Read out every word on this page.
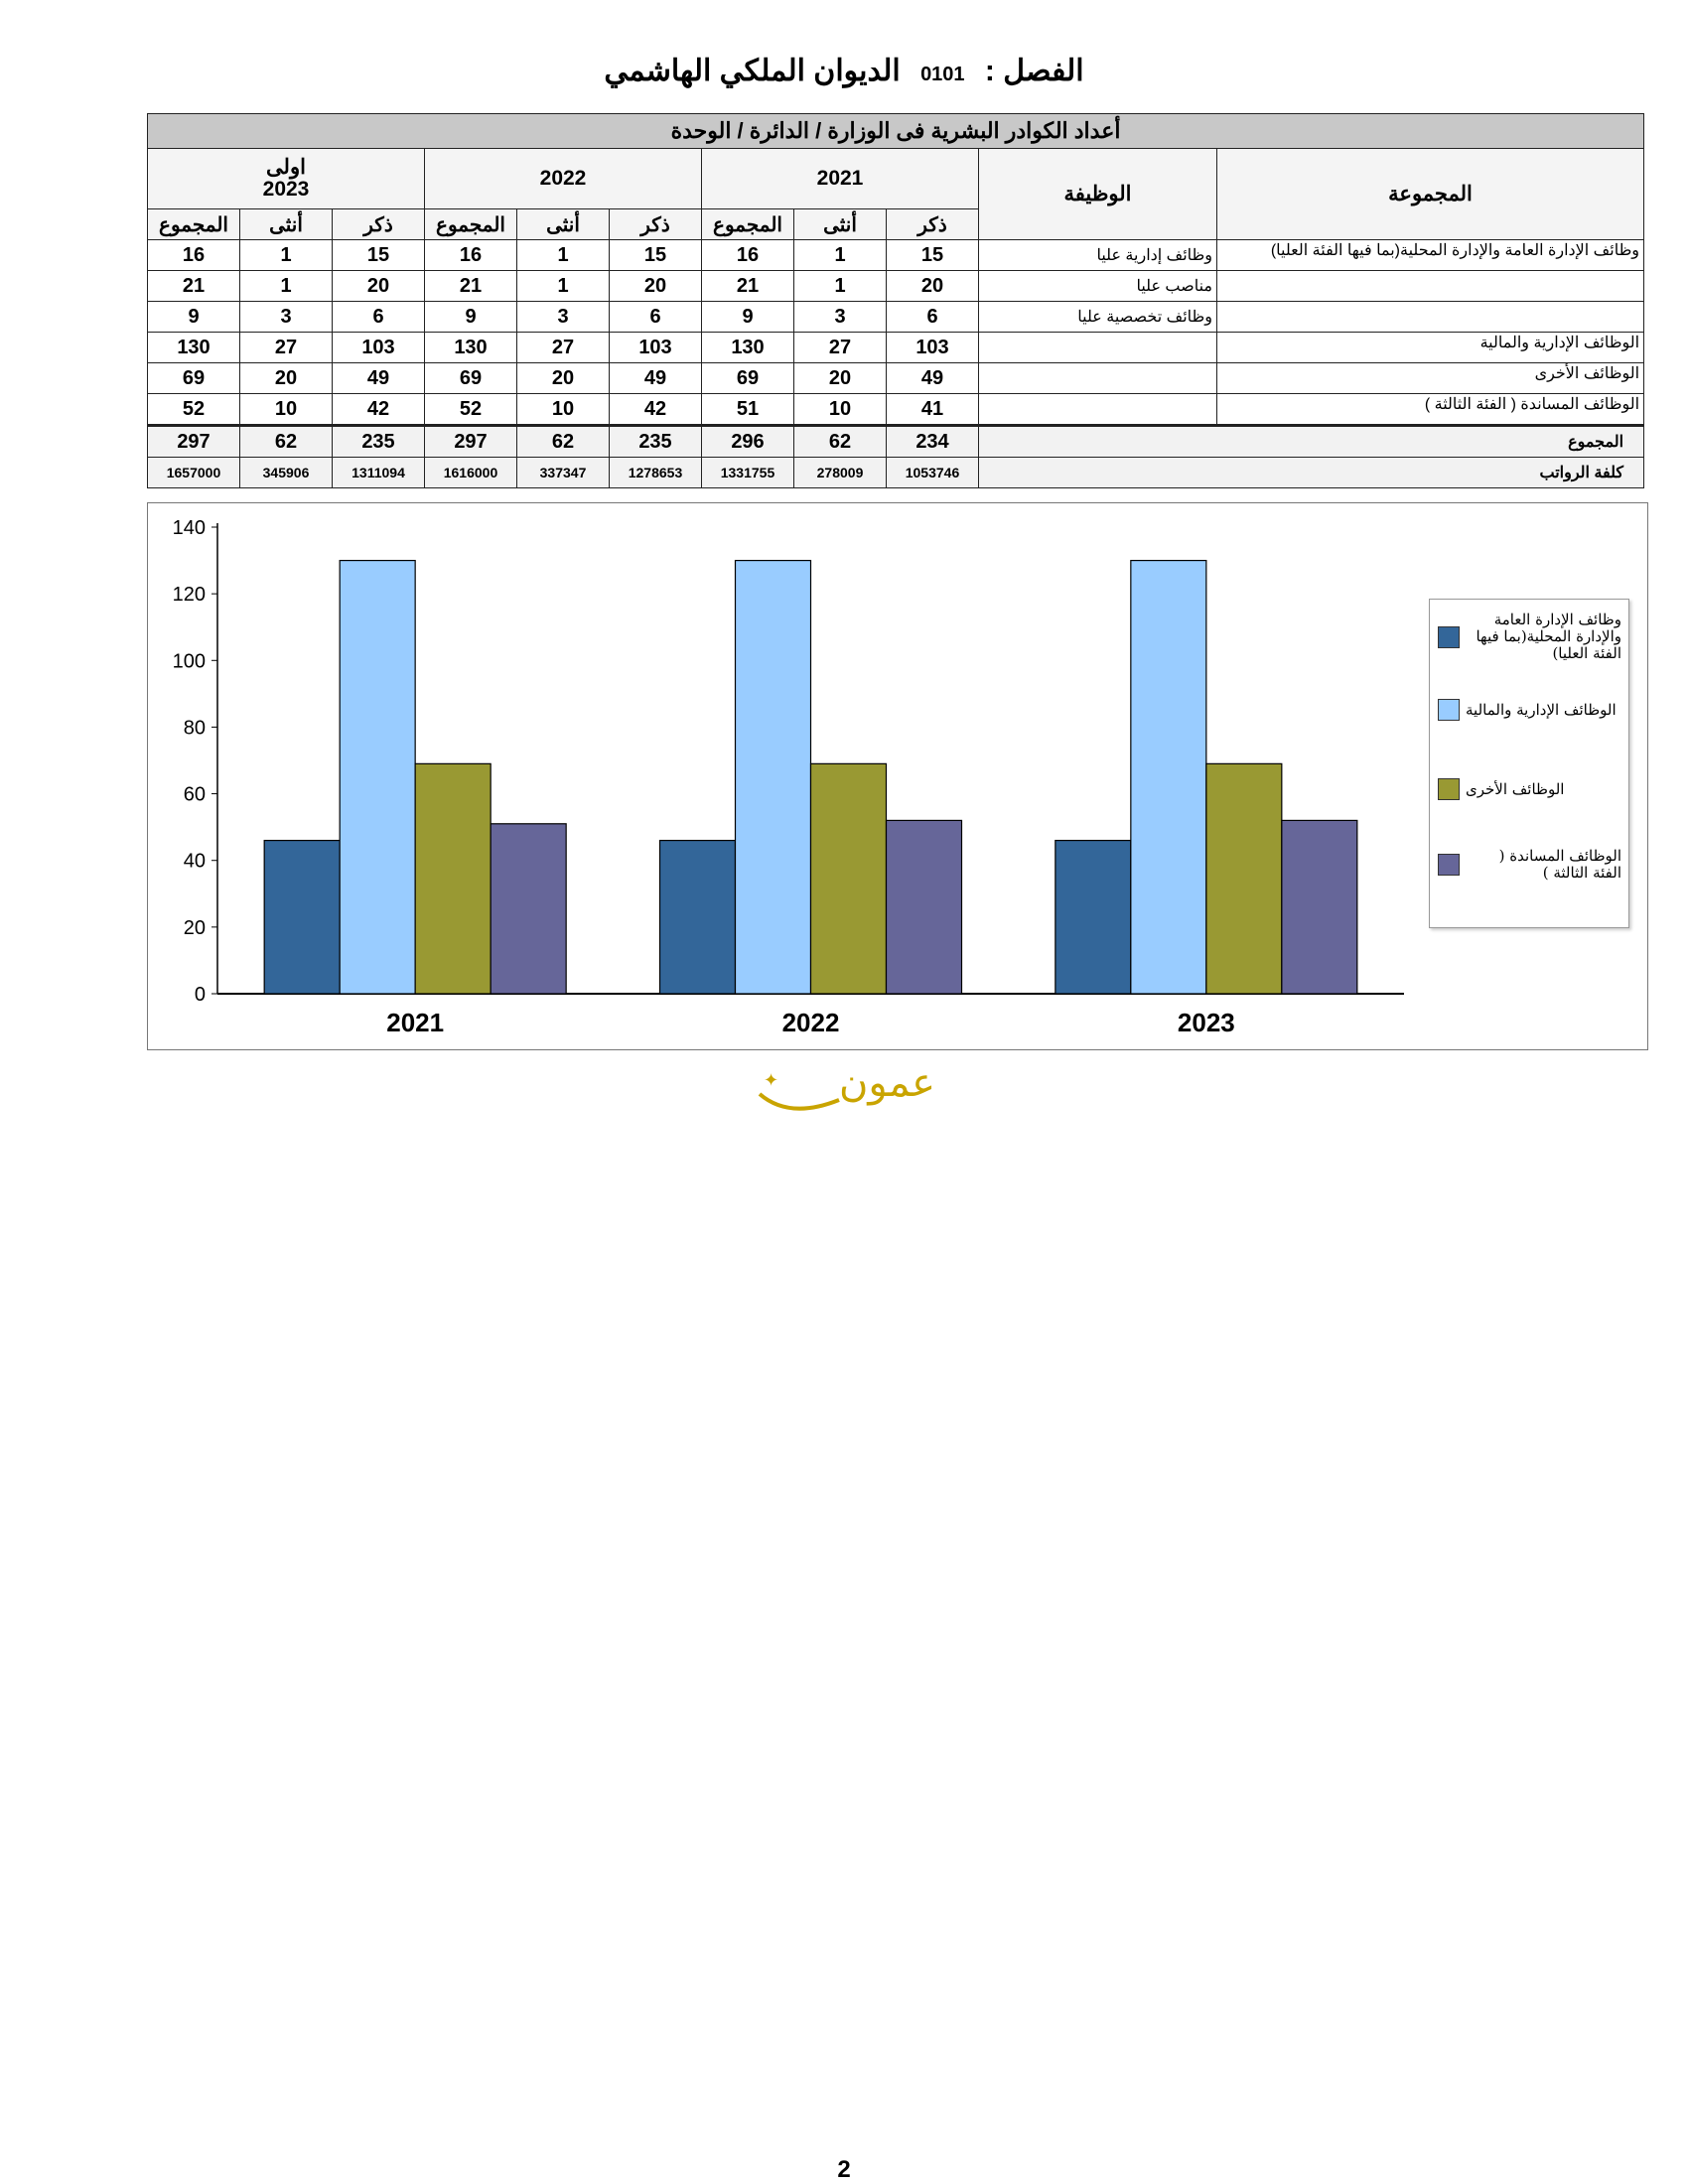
الفصل : 0101 الديوان الملكي الهاشمي
أعداد الكوادر البشرية فى الوزارة / الدائرة / الوحدة										

اولى
2023			2022			2021			الوظيفة	المجموعة
المجموع	أنثى	ذكر	المجموع	أنثى	ذكر	المجموع	أنثى	ذكر		
16	1	15	16	1	15	16	1	15	وظائف إدارية عليا	وظائف الإدارة العامة والإدارة المحلية(بما فيها الفئة العليا)
21	1	20	21	1	20	21	1	20	مناصب عليا	
9	3	6	9	3	6	9	3	6	وظائف تخصصية عليا	
130	27	103	130	27	103	130	27	103		الوظائف الإدارية والمالية
69	20	49	69	20	49	69	20	49		الوظائف الأخرى
52	10	42	52	10	42	51	10	41		الوظائف المساندة ( الفئة الثالثة )
297	62	235	297	62	235	296	62	234	المجموع	
1657000	345906	1311094	1616000	337347	1278653	1331755	278009	1053746	كلفة الرواتب	
0
20
40
60
80
100
120
140
2021	2022	2023
وظائف الإدارة العامة والإدارة المحلية(بما فيها الفئة العليا)
الوظائف الإدارية والمالية
الوظائف الأخرى
الوظائف المساندة ( الفئة الثالثة )
✦ عمون
2
